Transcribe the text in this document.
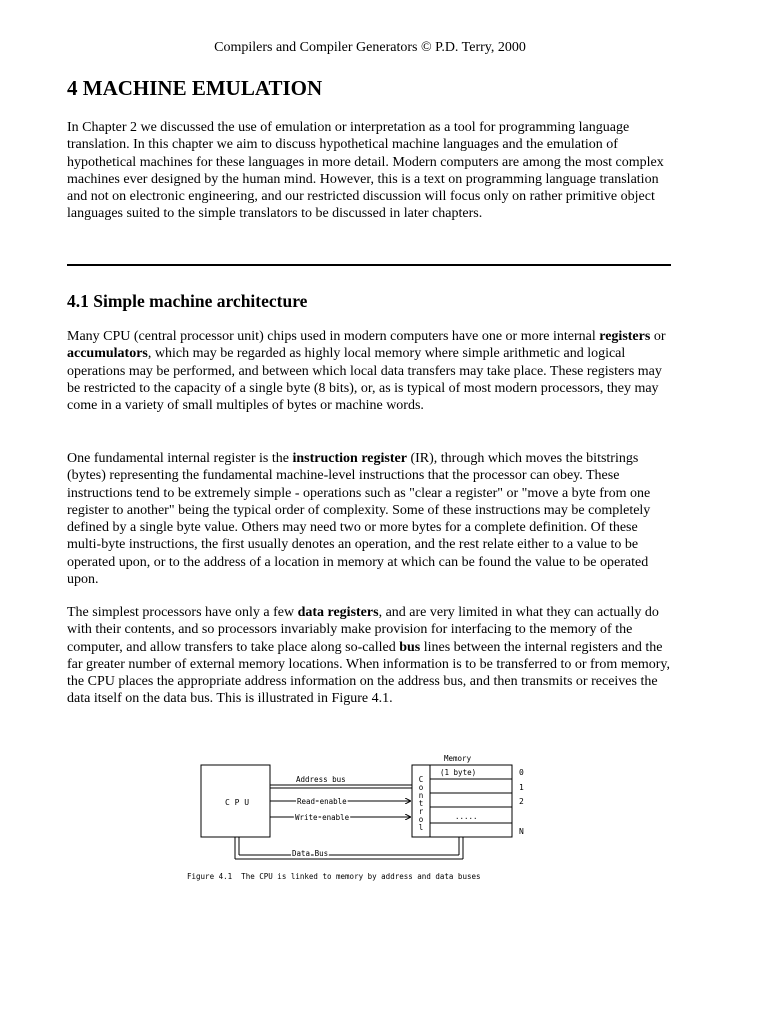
Compilers and Compiler Generators © P.D. Terry, 2000
4 MACHINE EMULATION

In Chapter 2 we discussed the use of emulation or interpretation as a tool for programming language translation. In this chapter we aim to discuss hypothetical machine languages and the emulation of hypothetical machines for these languages in more detail. Modern computers are among the most complex machines ever designed by the human mind. However, this is a text on programming language translation and not on electronic engineering, and our restricted discussion will focus only on rather primitive object languages suited to the simple translators to be discussed in later chapters.

4.1 Simple machine architecture

Many CPU (central processor unit) chips used in modern computers have one or more internal registers or accumulators, which may be regarded as highly local memory where simple arithmetic and logical operations may be performed, and between which local data transfers may take place. These registers may be restricted to the capacity of a single byte (8 bits), or, as is typical of most modern processors, they may come in a variety of small multiples of bytes or machine words.

One fundamental internal register is the instruction register (IR), through which moves the bitstrings (bytes) representing the fundamental machine-level instructions that the processor can obey. These instructions tend to be extremely simple - operations such as "clear a register" or "move a byte from one register to another" being the typical order of complexity. Some of these instructions may be completely defined by a single byte value. Others may need two or more bytes for a complete definition. Of these multi-byte instructions, the first usually denotes an operation, and the rest relate either to a value to be operated upon, or to the address of a location in memory at which can be found the value to be operated upon.

The simplest processors have only a few data registers, and are very limited in what they can actually do with their contents, and so processors invariably make provision for interfacing to the memory of the computer, and allow transfers to take place along so-called bus lines between the internal registers and the far greater number of external memory locations. When information is to be transferred to or from memory, the CPU places the appropriate address information on the address bus, and then transmits or receives the data itself on the data bus. This is illustrated in Figure 4.1.

C P U
Address bus
Read enable
Write enable
C
o
n
t
r
o
l
Memory
(1 byte)
.....
0
1
2
N
Data Bus
Figure 4.1  The CPU is linked to memory by address and data buses
